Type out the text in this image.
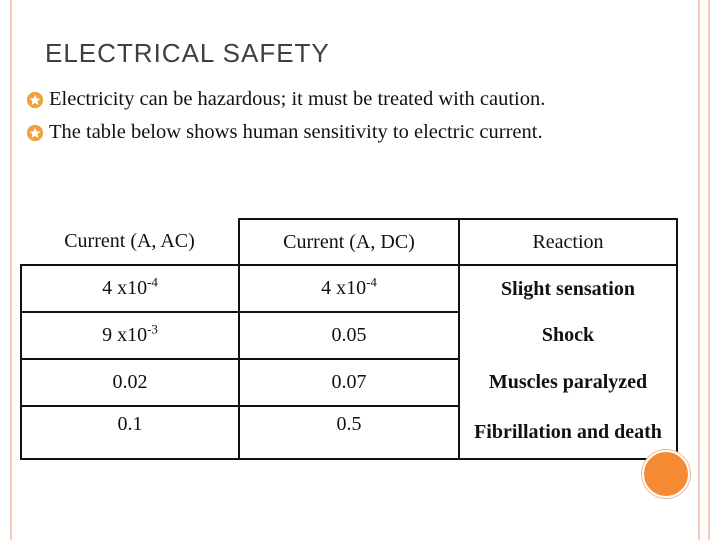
ELECTRICAL SAFETY
Electricity can be hazardous; it must be treated with caution.
The table below shows human sensitivity to electric current.
Current (A, AC)	Current (A, DC)	Reaction
4 $x10^{-4}$	4 $x10^{-4}$	Slight sensation
9 $x10^{-3}$	0.05	Shock
0.02	0.07	Muscles paralyzed
0.1	0.5	Fibrillation and death
